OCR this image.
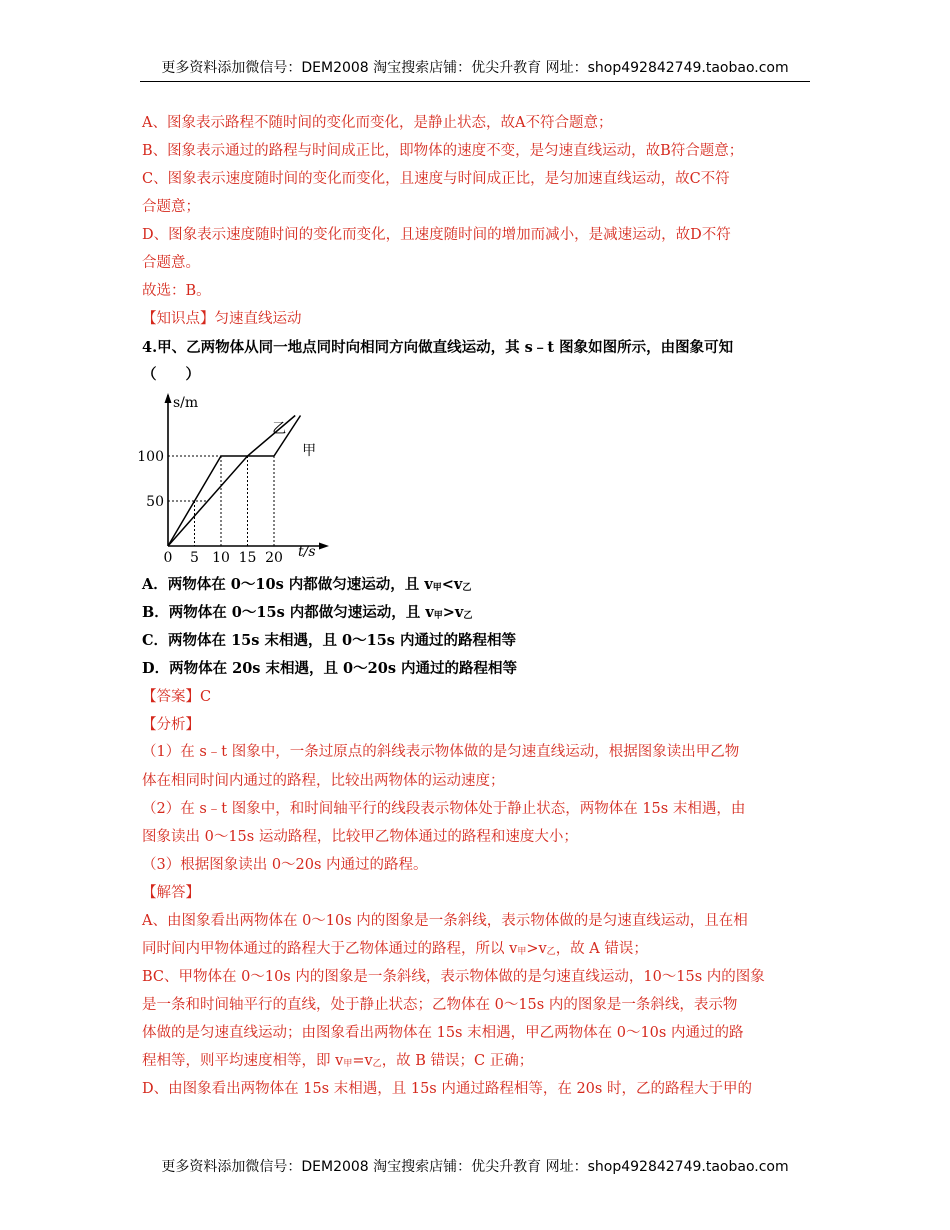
更多资料添加微信号：DEM2008 淘宝搜索店铺：优尖升教育 网址：shop492842749.taobao.com
A、图象表示路程不随时间的变化而变化，是静止状态，故A不符合题意；
B、图象表示通过的路程与时间成正比，即物体的速度不变，是匀速直线运动，故B符合题意；
C、图象表示速度随时间的变化而变化，且速度与时间成正比，是匀加速直线运动，故C不符
合题意；
D、图象表示速度随时间的变化而变化，且速度随时间的增加而减小，是减速运动，故D不符
合题意。
故选：B。
【知识点】匀速直线运动
4.甲、乙两物体从同一地点同时向相同方向做直线运动，其 s﹣t 图象如图所示，由图象可知
（　　）
0 5 10 15 20
50
100
s/m
t/s
甲
乙
A．两物体在 0～10s 内都做匀速运动，且 $v_甲<v_乙$
B．两物体在 0～15s 内都做匀速运动，且 $v_甲>v_乙$
C．两物体在 15s 末相遇，且 0～15s 内通过的路程相等
D．两物体在 20s 末相遇，且 0～20s 内通过的路程相等
【答案】C
【分析】
（1）在 s﹣t 图象中，一条过原点的斜线表示物体做的是匀速直线运动，根据图象读出甲乙物
体在相同时间内通过的路程，比较出两物体的运动速度；
（2）在 s﹣t 图象中，和时间轴平行的线段表示物体处于静止状态，两物体在 15s 末相遇，由
图象读出 0～15s 运动路程，比较甲乙物体通过的路程和速度大小；
（3）根据图象读出 0～20s 内通过的路程。
【解答】
A、由图象看出两物体在 0～10s 内的图象是一条斜线，表示物体做的是匀速直线运动，且在相
同时间内甲物体通过的路程大于乙物体通过的路程，所以 $v_甲>v_乙$，故 A 错误；
BC、甲物体在 0～10s 内的图象是一条斜线，表示物体做的是匀速直线运动，10～15s 内的图象
是一条和时间轴平行的直线，处于静止状态；乙物体在 0～15s 内的图象是一条斜线，表示物
体做的是匀速直线运动；由图象看出两物体在 15s 末相遇，甲乙两物体在 0～10s 内通过的路
程相等，则平均速度相等，即 $v_甲=v_乙$，故 B 错误；C 正确；
D、由图象看出两物体在 15s 末相遇，且 15s 内通过路程相等，在 20s 时，乙的路程大于甲的
更多资料添加微信号：DEM2008 淘宝搜索店铺：优尖升教育 网址：shop492842749.taobao.com
